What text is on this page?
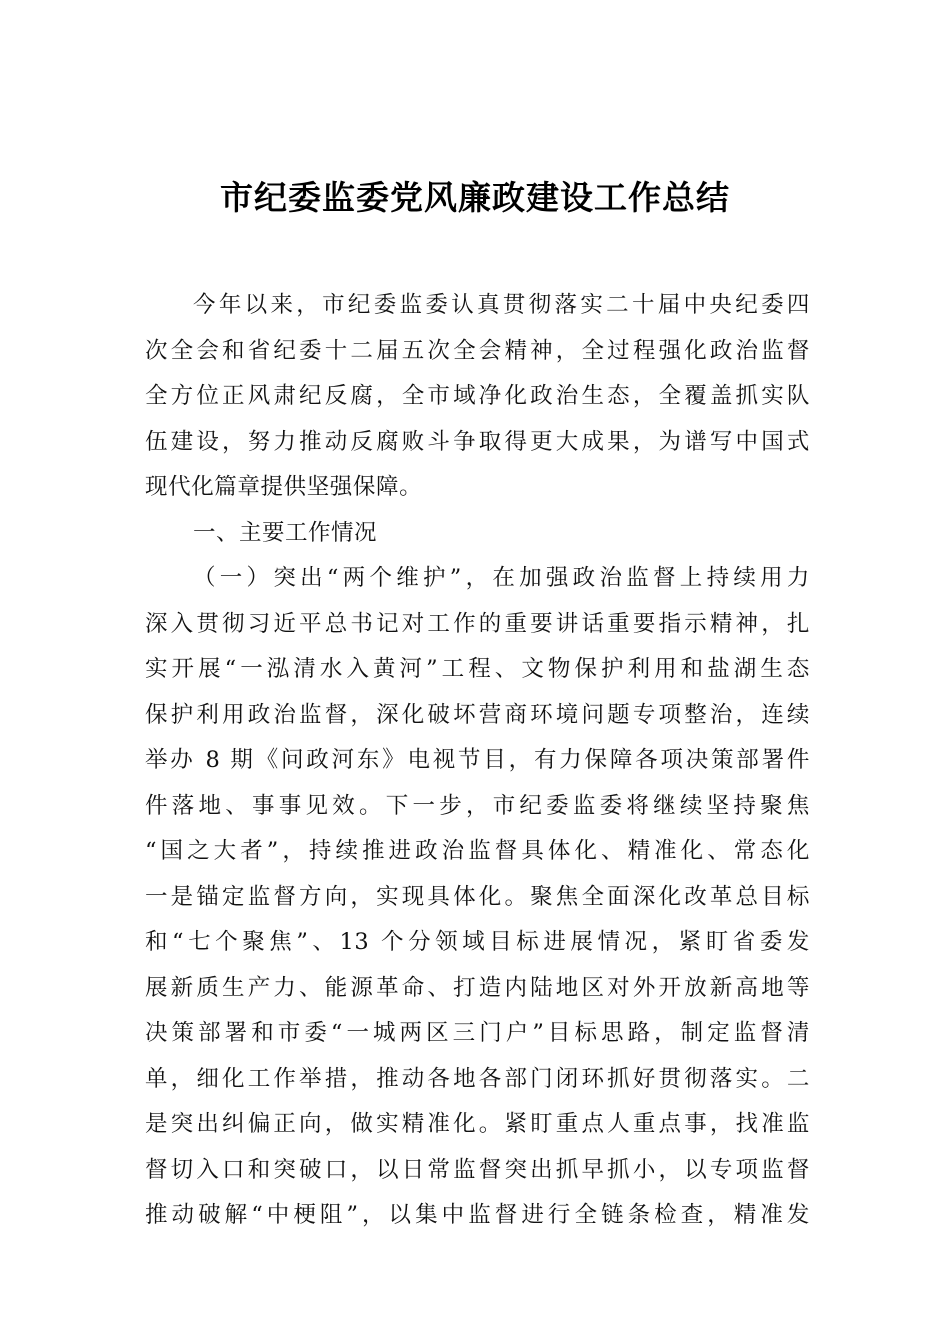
市纪委监委党风廉政建设工作总结
今年以来，市纪委监委认真贯彻落实二十届中央纪委四
次全会和省纪委十二届五次全会精神，全过程强化政治监督
全方位正风肃纪反腐，全市域净化政治生态，全覆盖抓实队
伍建设，努力推动反腐败斗争取得更大成果，为谱写中国式
现代化篇章提供坚强保障。
一、主要工作情况
（一）突出“两个维护”，在加强政治监督上持续用力
深入贯彻习近平总书记对工作的重要讲话重要指示精神，扎
实开展“一泓清水入黄河”工程、文物保护利用和盐湖生态
保护利用政治监督，深化破坏营商环境问题专项整治，连续
举办 8 期《问政河东》电视节目，有力保障各项决策部署件
件落地、事事见效。下一步，市纪委监委将继续坚持聚焦
“国之大者”，持续推进政治监督具体化、精准化、常态化
一是锚定监督方向，实现具体化。聚焦全面深化改革总目标
和“七个聚焦”、13 个分领域目标进展情况，紧盯省委发
展新质生产力、能源革命、打造内陆地区对外开放新高地等
决策部署和市委“一城两区三门户”目标思路，制定监督清
单，细化工作举措，推动各地各部门闭环抓好贯彻落实。二
是突出纠偏正向，做实精准化。紧盯重点人重点事，找准监
督切入口和突破口，以日常监督突出抓早抓小，以专项监督
推动破解“中梗阻”，以集中监督进行全链条检查，精准发
